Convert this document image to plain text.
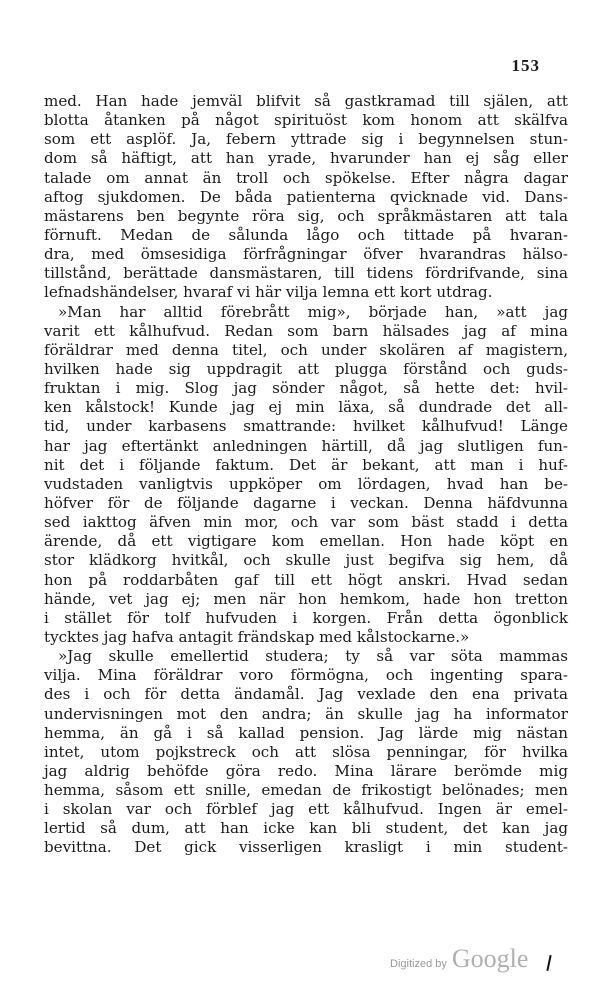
153
med. Han hade jemväl blifvit så gastkramad till själen, att
blotta åtanken på något spirituöst kom honom att skälfva
som ett asplöf. Ja, febern yttrade sig i begynnelsen stun-
dom så häftigt, att han yrade, hvarunder han ej såg eller
talade om annat än troll och spökelse. Efter några dagar
aftog sjukdomen. De båda patienterna qvicknade vid. Dans-
mästarens ben begynte röra sig, och språkmästaren att tala
förnuft. Medan de sålunda lågo och tittade på hvaran-
dra, med ömsesidiga förfrågningar öfver hvarandras hälso-
tillstånd, berättade dansmästaren, till tidens fördrifvande, sina
lefnadshändelser, hvaraf vi här vilja lemna ett kort utdrag.
»Man har alltid förebrått mig», började han, »att jag
varit ett kålhufvud. Redan som barn hälsades jag af mina
föräldrar med denna titel, och under skolären af magistern,
hvilken hade sig uppdragit att plugga förstånd och guds-
fruktan i mig. Slog jag sönder något, så hette det: hvil-
ken kålstock! Kunde jag ej min läxa, så dundrade det all-
tid, under karbasens smattrande: hvilket kålhufvud! Länge
har jag eftertänkt anledningen härtill, då jag slutligen fun-
nit det i följande faktum. Det är bekant, att man i huf-
vudstaden vanligtvis uppköper om lördagen, hvad han be-
höfver för de följande dagarne i veckan. Denna häfdvunna
sed iakttog äfven min mor, och var som bäst stadd i detta
ärende, då ett vigtigare kom emellan. Hon hade köpt en
stor klädkorg hvitkål, och skulle just begifva sig hem, då
hon på roddarbåten gaf till ett högt anskri. Hvad sedan
hände, vet jag ej; men när hon hemkom, hade hon tretton
i stället för tolf hufvuden i korgen. Från detta ögonblick
tycktes jag hafva antagit frändskap med kålstockarne.»
»Jag skulle emellertid studera; ty så var söta mammas
vilja. Mina föräldrar voro förmögna, och ingenting spara-
des i och för detta ändamål. Jag vexlade den ena privata
undervisningen mot den andra; än skulle jag ha informator
hemma, än gå i så kallad pension. Jag lärde mig nästan
intet, utom pojkstreck och att slösa penningar, för hvilka
jag aldrig behöfde göra redo. Mina lärare berömde mig
hemma, såsom ett snille, emedan de frikostigt belönades; men
i skolan var och förblef jag ett kålhufvud. Ingen är emel-
lertid så dum, att han icke kan bli student, det kan jag
bevittna. Det gick visserligen krasligt i min student-
Digitized by Google
